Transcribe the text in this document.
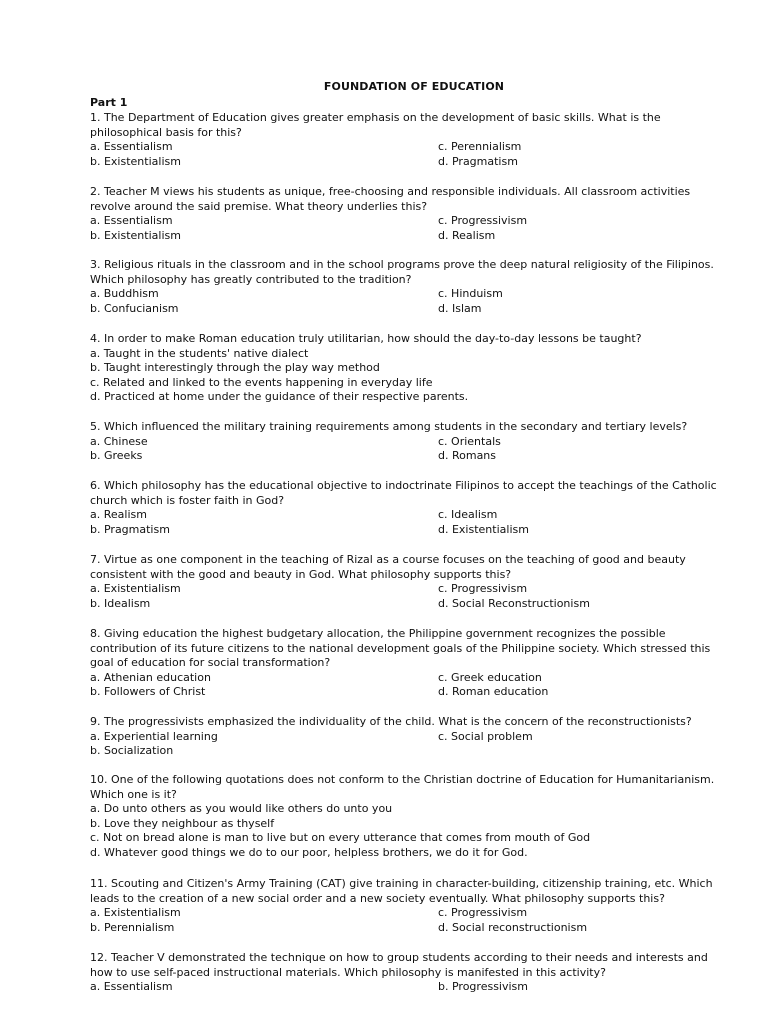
FOUNDATION OF EDUCATION
Part 1
1. The Department of Education gives greater emphasis on the development of basic skills. What is the
philosophical basis for this?
a. Essentialism	c. Perennialism
b. Existentialism	d. Pragmatism
2. Teacher M views his students as unique, free-choosing and responsible individuals. All classroom activities
revolve around the said premise. What theory underlies this?
a. Essentialism	c. Progressivism
b. Existentialism	d. Realism
3. Religious rituals in the classroom and in the school programs prove the deep natural religiosity of the Filipinos.
Which philosophy has greatly contributed to the tradition?
a. Buddhism	c. Hinduism
b. Confucianism	d. Islam
4. In order to make Roman education truly utilitarian, how should the day-to-day lessons be taught?
a. Taught in the students' native dialect
b. Taught interestingly through the play way method
c. Related and linked to the events happening in everyday life
d. Practiced at home under the guidance of their respective parents.
5. Which influenced the military training requirements among students in the secondary and tertiary levels?
a. Chinese	c. Orientals
b. Greeks	d. Romans
6. Which philosophy has the educational objective to indoctrinate Filipinos to accept the teachings of the Catholic
church which is foster faith in God?
a. Realism	c. Idealism
b. Pragmatism	d. Existentialism
7. Virtue as one component in the teaching of Rizal as a course focuses on the teaching of good and beauty
consistent with the good and beauty in God. What philosophy supports this?
a. Existentialism	c. Progressivism
b. Idealism	d. Social Reconstructionism
8. Giving education the highest budgetary allocation, the Philippine government recognizes the possible
contribution of its future citizens to the national development goals of the Philippine society. Which stressed this
goal of education for social transformation?
a. Athenian education	c. Greek education
b. Followers of Christ	d. Roman education
9. The progressivists emphasized the individuality of the child. What is the concern of the reconstructionists?
a. Experiential learning	c. Social problem
b. Socialization
10. One of the following quotations does not conform to the Christian doctrine of Education for Humanitarianism.
Which one is it?
a. Do unto others as you would like others do unto you
b. Love they neighbour as thyself
c. Not on bread alone is man to live but on every utterance that comes from mouth of God
d. Whatever good things we do to our poor, helpless brothers, we do it for God.
11. Scouting and Citizen's Army Training (CAT) give training in character-building, citizenship training, etc. Which
leads to the creation of a new social order and a new society eventually. What philosophy supports this?
a. Existentialism	c. Progressivism
b. Perennialism	d. Social reconstructionism
12. Teacher V demonstrated the technique on how to group students according to their needs and interests and
how to use self-paced instructional materials. Which philosophy is manifested in this activity?
a. Essentialism	b. Progressivism
